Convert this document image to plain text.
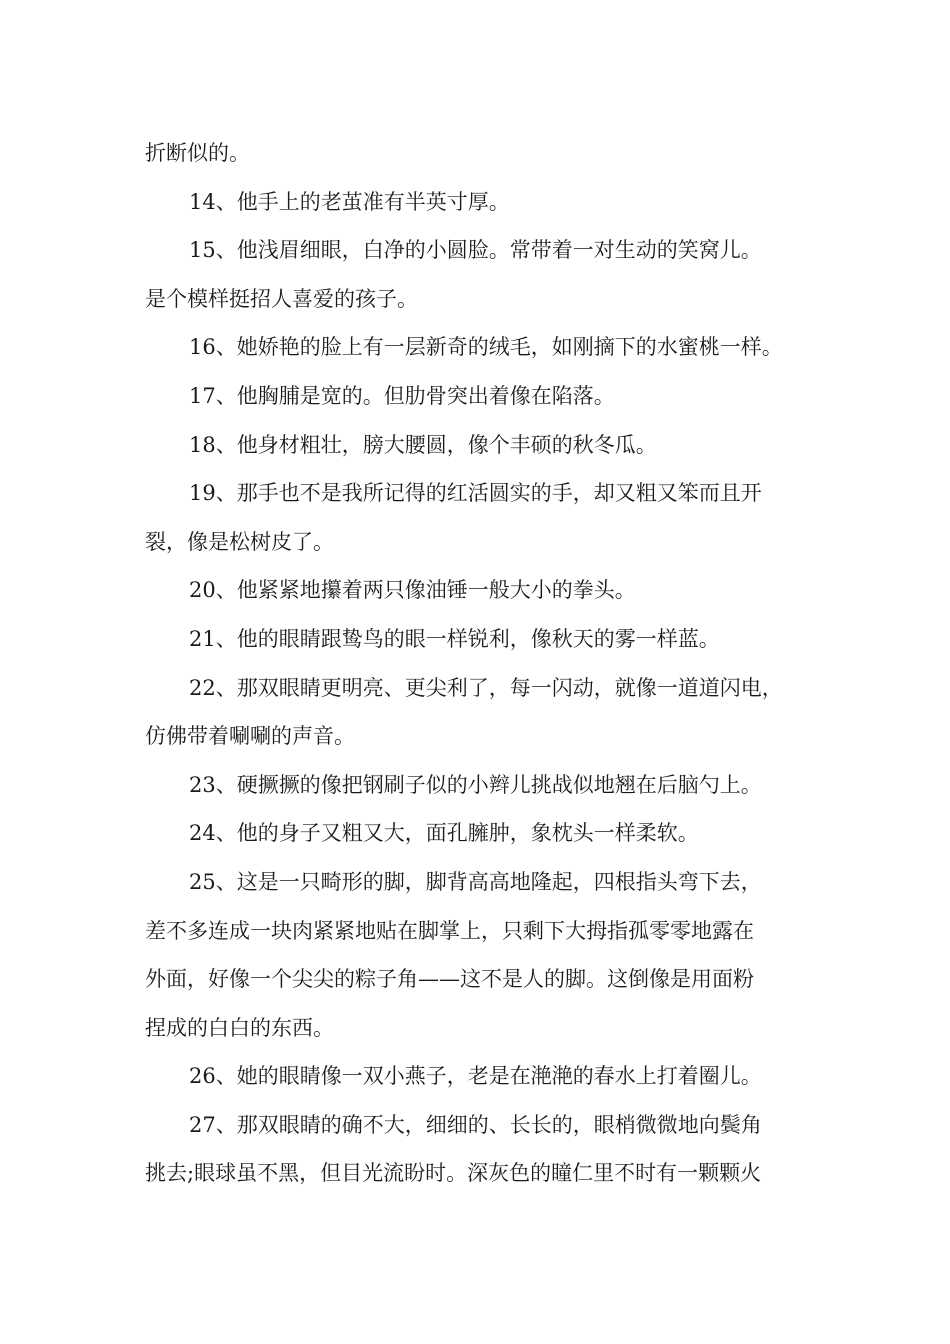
折断似的。
14、他手上的老茧准有半英寸厚。
15、他浅眉细眼，白净的小圆脸。常带着一对生动的笑窝儿。
是个模样挺招人喜爱的孩子。
16、她娇艳的脸上有一层新奇的绒毛，如刚摘下的水蜜桃一样。
17、他胸脯是宽的。但肋骨突出着像在陷落。
18、他身材粗壮，膀大腰圆，像个丰硕的秋冬瓜。
19、那手也不是我所记得的红活圆实的手，却又粗又笨而且开
裂，像是松树皮了。
20、他紧紧地攥着两只像油锤一般大小的拳头。
21、他的眼睛跟鸷鸟的眼一样锐利，像秋天的雾一样蓝。
22、那双眼睛更明亮、更尖利了，每一闪动，就像一道道闪电，
仿佛带着唰唰的声音。
23、硬撅撅的像把钢刷子似的小辫儿挑战似地翘在后脑勺上。
24、他的身子又粗又大，面孔臃肿，象枕头一样柔软。
25、这是一只畸形的脚，脚背高高地隆起，四根指头弯下去，
差不多连成一块肉紧紧地贴在脚掌上，只剩下大拇指孤零零地露在
外面，好像一个尖尖的粽子角——这不是人的脚。这倒像是用面粉
捏成的白白的东西。
26、她的眼睛像一双小燕子，老是在滟滟的春水上打着圈儿。
27、那双眼睛的确不大，细细的、长长的，眼梢微微地向鬓角
挑去;眼球虽不黑，但目光流盼时。深灰色的瞳仁里不时有一颗颗火
